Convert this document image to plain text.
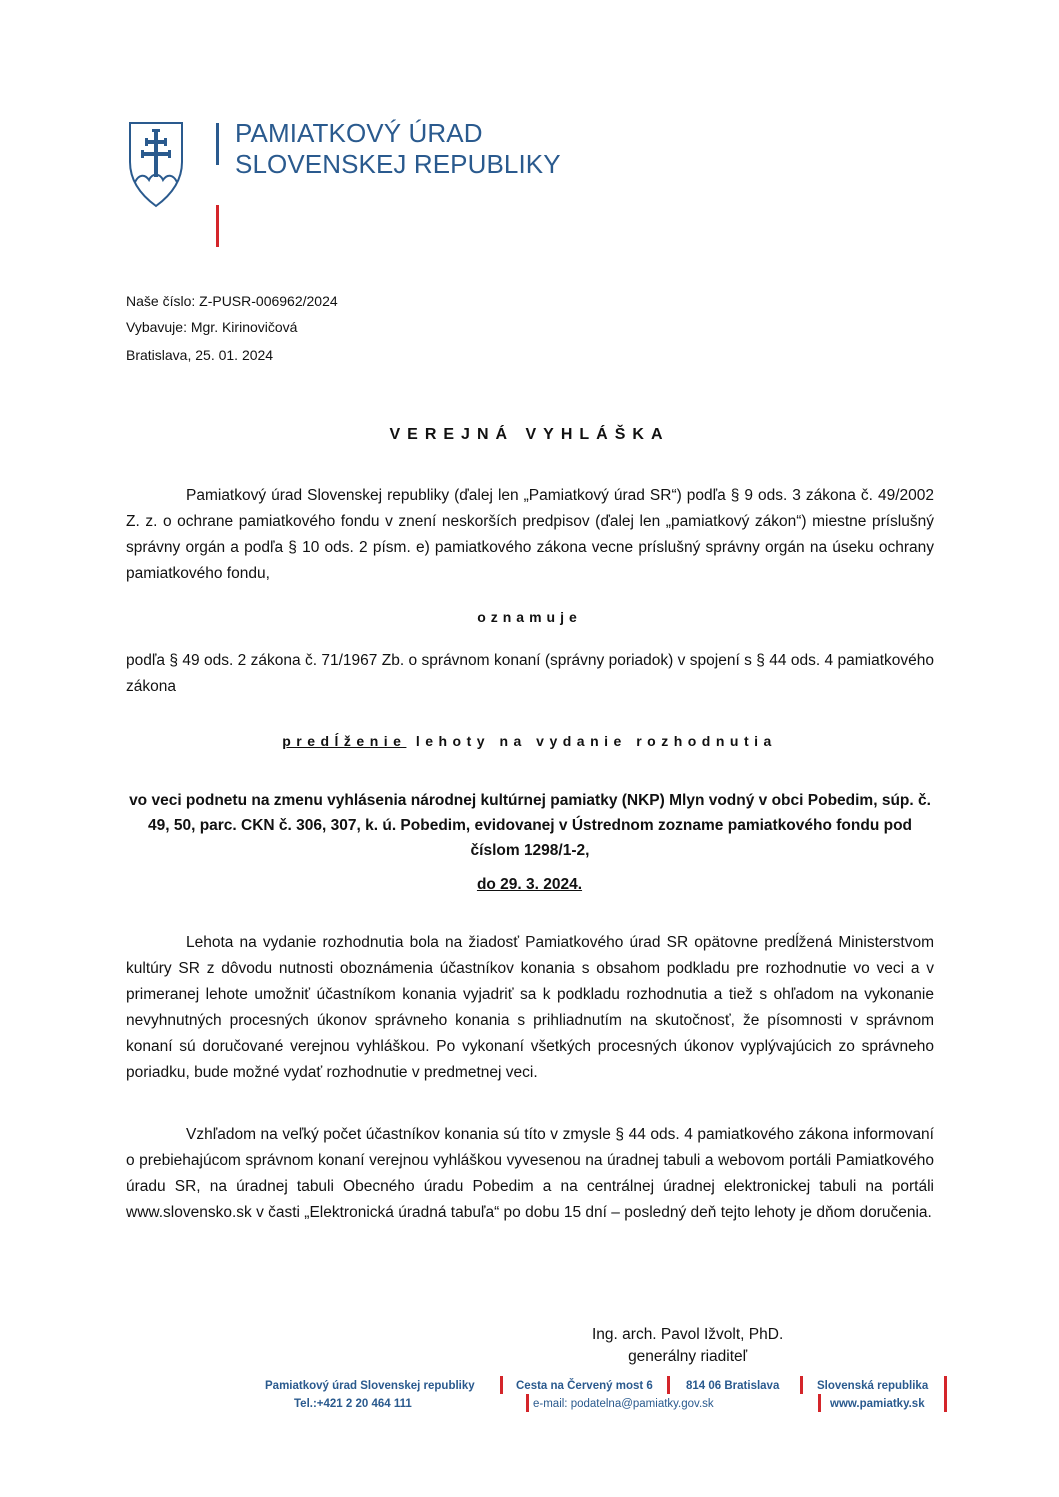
PAMIATKOVÝ ÚRAD
SLOVENSKEJ REPUBLIKY
Naše číslo: Z-PUSR-006962/2024
Vybavuje: Mgr. Kirinovičová
Bratislava, 25. 01. 2024
VEREJNÁ VYHLÁŠKA
Pamiatkový úrad Slovenskej republiky (ďalej len „Pamiatkový úrad SR“) podľa § 9 ods. 3 zákona č. 49/2002 Z. z. o ochrane pamiatkového fondu v znení neskorších predpisov (ďalej len „pamiatkový zákon“) miestne príslušný správny orgán a podľa § 10 ods. 2 písm. e) pamiatkového zákona vecne príslušný správny orgán na úseku ochrany pamiatkového fondu,
oznamuje
podľa § 49 ods. 2 zákona č. 71/1967 Zb. o správnom konaní (správny poriadok) v spojení s § 44 ods. 4 pamiatkového zákona
predĺženie lehoty na vydanie rozhodnutia
vo veci podnetu na zmenu vyhlásenia národnej kultúrnej pamiatky (NKP) Mlyn vodný v obci Pobedim, súp. č. 49, 50, parc. CKN č. 306, 307, k. ú. Pobedim, evidovanej v Ústrednom zozname pamiatkového fondu pod číslom 1298/1-2,
do 29. 3. 2024.
Lehota na vydanie rozhodnutia bola na žiadosť Pamiatkového úrad SR opätovne predĺžená Ministerstvom kultúry SR z dôvodu nutnosti oboznámenia účastníkov konania s obsahom podkladu pre rozhodnutie vo veci a v primeranej lehote umožniť účastníkom konania vyjadriť sa k podkladu rozhodnutia a tiež s ohľadom na vykonanie nevyhnutných procesných úkonov správneho konania s prihliadnutím na skutočnosť, že písomnosti v správnom konaní sú doručované verejnou vyhláškou. Po vykonaní všetkých procesných úkonov vyplývajúcich zo správneho poriadku, bude možné vydať rozhodnutie v predmetnej veci.
Vzhľadom na veľký počet účastníkov konania sú títo v zmysle § 44 ods. 4 pamiatkového zákona informovaní o prebiehajúcom správnom konaní verejnou vyhláškou vyvesenou na úradnej tabuli a webovom portáli Pamiatkového úradu SR, na úradnej tabuli Obecného úradu Pobedim a na centrálnej úradnej elektronickej tabuli na portáli www.slovensko.sk v časti „Elektronická úradná tabuľa“ po dobu 15 dní – posledný deň tejto lehoty je dňom doručenia.
Ing. arch. Pavol Ižvolt, PhD.
generálny riaditeľ
Pamiatkový úrad Slovenskej republiky
Tel.:+421 2 20 464 111
Cesta na Červený most 6
e-mail: podatelna@pamiatky.gov.sk
814 06 Bratislava	Slovenská republika
www.pamiatky.sk
